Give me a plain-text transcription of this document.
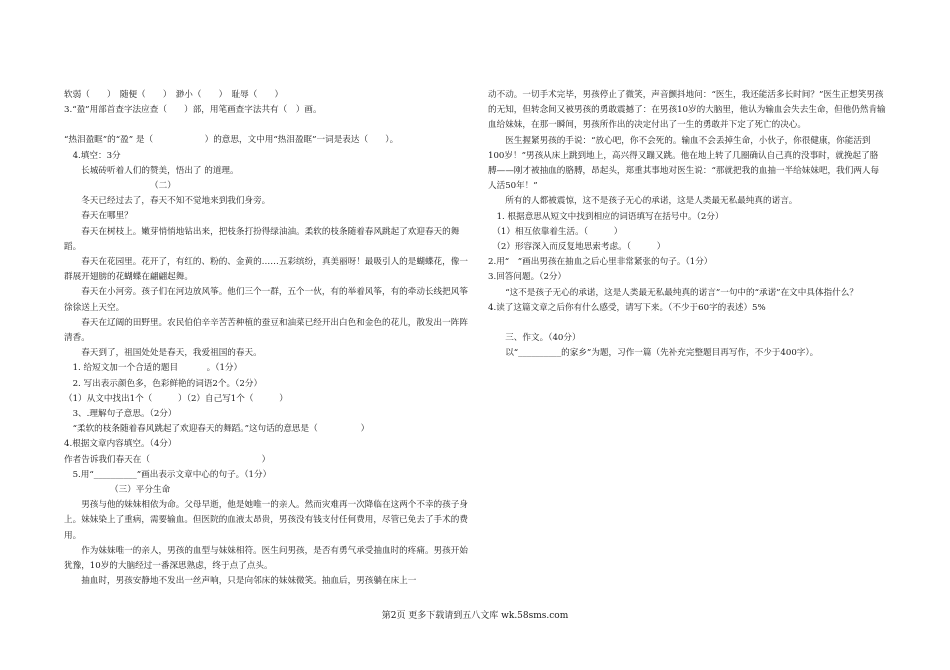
软弱（　　）　随便（　　）　渺小（　　）　耻辱（　　）
3.“盈”用部首查字法应查（　　）部，用笔画查字法共有（　）画。
“热泪盈眶”的“盈” 是（　　　　　　）的意思，文中用“热泪盈眶”一词是表达（　　）。
　4.填空：3分
　　长城砖听着人们的赞美，悟出了 的道理。
（二）
　　冬天已经过去了，春天不知不觉地来到我们身旁。
　　春天在哪里？
　　春天在树枝上。嫩芽悄悄地钻出来，把枝条打扮得绿油油。柔软的枝条随着春风跳起了欢迎春天的舞蹈。
　　春天在花园里。花开了，有红的、粉的、金黄的……五彩缤纷，真美丽呀！最吸引人的是蝴蝶花，像一群展开翅膀的花蝴蝶在翩翩起舞。
　　春天在小河旁。孩子们在河边放风筝。他们三个一群，五个一伙，有的举着风筝，有的牵动长线把风筝徐徐送上天空。
　　春天在辽阔的田野里。农民伯伯辛辛苦苦种植的蚕豆和油菜已经开出白色和金色的花儿，散发出一阵阵清香。
　　春天到了，祖国处处是春天，我爱祖国的春天。
　1. 给短文加一个合适的题目　　　 。（1分）
　2. 写出表示颜色多，色彩鲜艳的词语2个。（2分）
（1）从文中找出1个（　　　）（2）自己写1个（　　　）
　3、.理解句子意思。（2分）
　“柔软的枝条随着春风跳起了欢迎春天的舞蹈。”这句话的意思是（　　　　　）
4.根据文章内容填空。（4分）
作者告诉我们春天在（　　　　　　　　　　　　　）
　5.用“__________”画出表示文章中心的句子。（1分）
（三）平分生命
　　男孩与他的妹妹相依为命。父母早逝，他是她唯一的亲人。然而灾难再一次降临在这两个不幸的孩子身上。妹妹染上了重病，需要输血。但医院的血液太昂贵，男孩没有钱支付任何费用，尽管已免去了手术的费用。
　　作为妹妹唯一的亲人，男孩的血型与妹妹相符。医生问男孩，是否有勇气承受抽血时的疼痛。男孩开始犹豫，10岁的大脑经过一番深思熟虑，终于点了点头。
　　抽血时，男孩安静地不发出一丝声响，只是向邻床的妹妹微笑。抽血后，男孩躺在床上一
动不动。一切手术完毕，男孩停止了微笑，声音颤抖地问：“医生，我还能活多长时间？”医生正想笑男孩的无知，但转念间又被男孩的勇敢震撼了：在男孩10岁的大脑里，他认为输血会失去生命，但他仍然肯输血给妹妹，在那一瞬间，男孩所作出的决定付出了一生的勇敢并下定了死亡的决心。
　　医生握紧男孩的手说：“放心吧，你不会死的。输血不会丢掉生命，小伙子，你很健康，你能活到100岁！”男孩从床上跳到地上，高兴得又蹦又跳。他在地上转了几圈确认自己真的没事时，就挽起了胳膊——刚才被抽血的胳膊，昂起头，郑重其事地对医生说：“那就把我的血抽一半给妹妹吧，我们两人每人活50年！”
　　所有的人都被震惊，这不是孩子无心的承诺，这是人类最无私最纯真的诺言。
　1. 根据意思从短文中找到相应的词语填写在括号中。（2分）
　（1）相互依靠着生活。（　　　）
　（2）形容深入而反复地思索考虑。（　　　）
2.用“　”画出男孩在抽血之后心里非常紧张的句子。（1分）
3.回答问题。（2分）
　　“这不是孩子无心的承诺，这是人类最无私最纯真的诺言”一句中的“承诺”在文中具体指什么？
4.读了这篇文章之后你有什么感受，请写下来。（不少于60字的表述）5%
　　三、作文。（40分）
　　以“__________的家乡”为题，习作一篇（先补充完整题目再写作，不少于400字）。
第2页 更多下载请到五八文库 wk.58sms.com
